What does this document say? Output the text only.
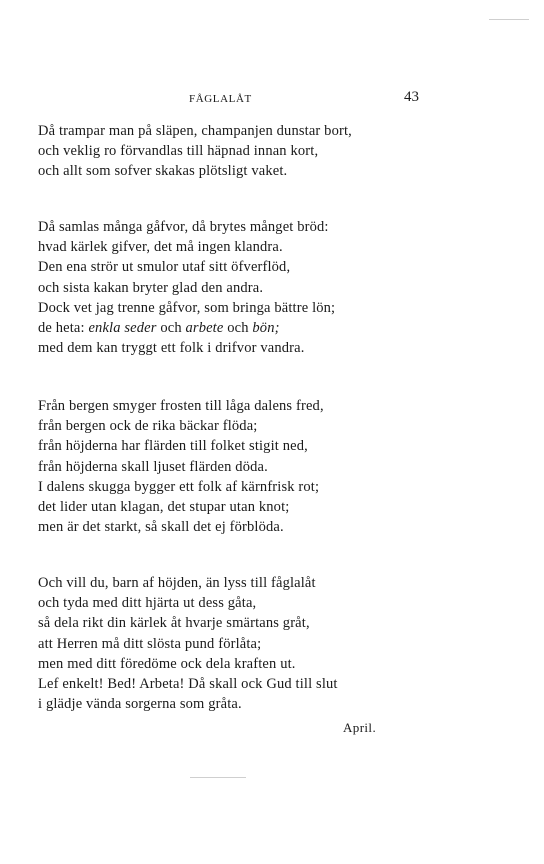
FÅGLALÅT	43
Då trampar man på släpen, champanjen dunstar bort,
och veklig ro förvandlas till häpnad innan kort,
och allt som sofver skakas plötsligt vaket.
Då samlas många gåfvor, då brytes månget bröd:
hvad kärlek gifver, det må ingen klandra.
Den ena strör ut smulor utaf sitt öfverflöd,
och sista kakan bryter glad den andra.
Dock vet jag trenne gåfvor, som bringa bättre lön;
de heta: enkla seder och arbete och bön;
med dem kan tryggt ett folk i drifvor vandra.
Från bergen smyger frosten till låga dalens fred,
från bergen ock de rika bäckar flöda;
från höjderna har flärden till folket stigit ned,
från höjderna skall ljuset flärden döda.
I dalens skugga bygger ett folk af kärnfrisk rot;
det lider utan klagan, det stupar utan knot;
men är det starkt, så skall det ej förblöda.
Och vill du, barn af höjden, än lyss till fåglalåt
och tyda med ditt hjärta ut dess gåta,
så dela rikt din kärlek åt hvarje smärtans gråt,
att Herren må ditt slösta pund förlåta;
men med ditt föredöme ock dela kraften ut.
Lef enkelt! Bed! Arbeta! Då skall ock Gud till slut
i glädje vända sorgerna som gråta.
April.
